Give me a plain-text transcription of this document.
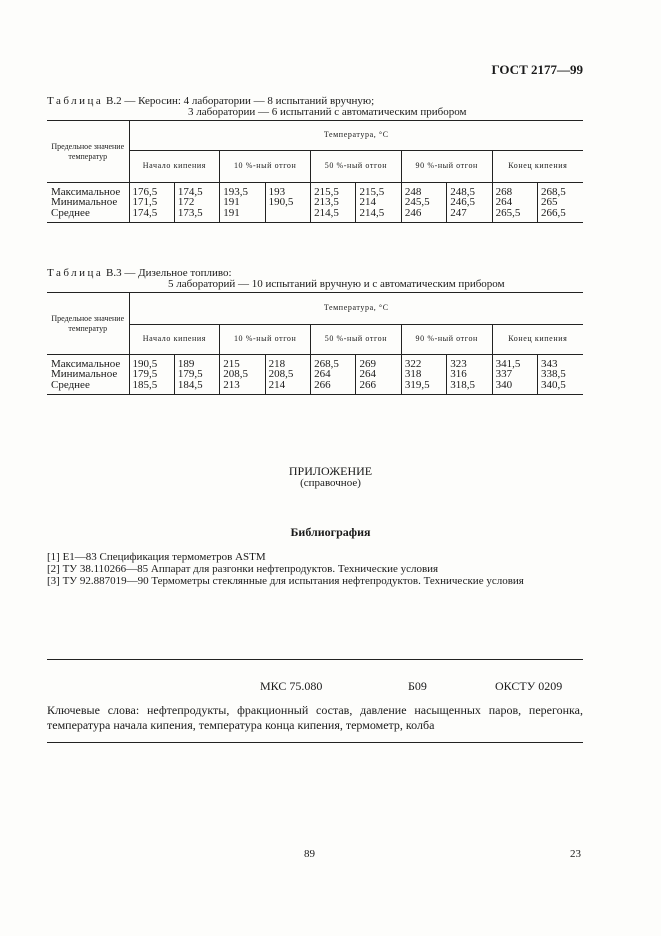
ГОСТ 2177—99
Таблица В.2 — Керосин: 4 лаборатории — 8 испытаний вручную;
3 лаборатории — 6 испытаний с автоматическим прибором
Предельное значение температур	Температура, °С									
	Начало кипения		10 %-ный отгон		50 %-ный отгон		90 %-ный отгон		Конец кипения	

Максимальное	176,5	174,5	193,5	193	215,5	215,5	248	248,5	268	268,5
Минимальное	171,5	172	191	190,5	213,5	214	245,5	246,5	264	265
Среднее	174,5	173,5	191		214,5	214,5	246	247	265,5	266,5

Таблица В.3 — Дизельное топливо:
5 лабораторий — 10 испытаний вручную и с автоматическим прибором
Предельное значение температур	Температура, °С									
	Начало кипения		10 %-ный отгон		50 %-ный отгон		90 %-ный отгон		Конец кипения	

Максимальное	190,5	189	215	218	268,5	269	322	323	341,5	343
Минимальное	179,5	179,5	208,5	208,5	264	264	318	316	337	338,5
Среднее	185,5	184,5	213	214	266	266	319,5	318,5	340	340,5

ПРИЛОЖЕНИЕ
(справочное)
Библиография
[1] Е1—83 Спецификация термометров ASTM
[2] ТУ 38.110266—85 Аппарат для разгонки нефтепродуктов. Технические условия
[3] ТУ 92.887019—90 Термометры стеклянные для испытания нефтепродуктов. Технические условия
МКС 75.080	Б09	ОКСТУ 0209
Ключевые слова: нефтепродукты, фракционный состав, давление насыщенных паров, перегонка, температура начала кипения, температура конца кипения, термометр, колба
89	23
